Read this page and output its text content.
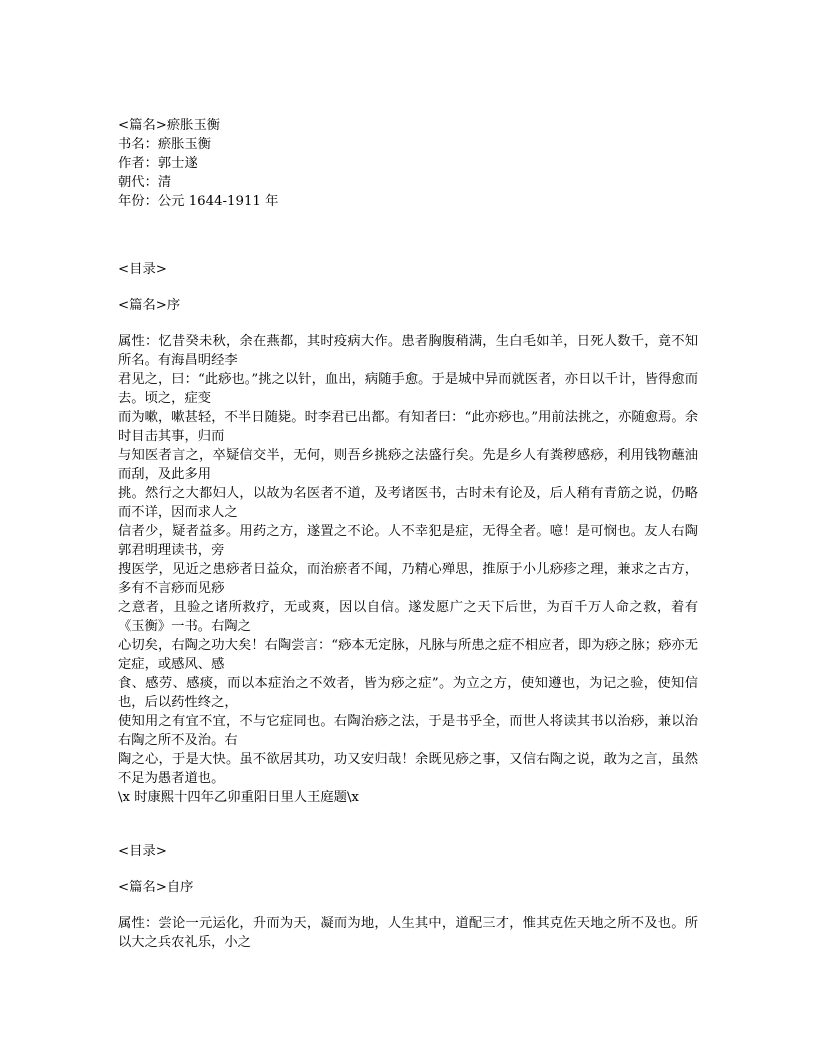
<篇名>瘀胀玉衡

书名：瘀胀玉衡

作者：郭士遂

朝代：清

年份：公元 1644-1911 年

<目录>

<篇名>序

属性：忆昔癸未秋，余在燕都，其时疫病大作。患者胸腹稍满，生白毛如羊，日死人数千，竟不知所名。有海昌明经李

君见之，曰：“此痧也。”挑之以针，血出，病随手愈。于是城中异而就医者，亦日以千计，皆得愈而去。顷之，症变

而为嗽，嗽甚轻，不半日随毙。时李君已出都。有知者曰：“此亦痧也。”用前法挑之，亦随愈焉。余时目击其事，归而

与知医者言之，卒疑信交半，无何，则吾乡挑痧之法盛行矣。先是乡人有粪秽感痧，利用钱物蘸油而刮，及此多用

挑。然行之大都妇人，以故为名医者不道，及考诸医书，古时未有论及，后人稍有青筋之说，仍略而不详，因而求人之

信者少，疑者益多。用药之方，遂置之不论。人不幸犯是症，无得全者。噫！是可悯也。友人右陶郭君明理读书，旁

搜医学，见近之患痧者日益众，而治瘀者不闻，乃精心殚思，推原于小儿痧疹之理，兼求之古方，多有不言痧而见痧

之意者，且验之诸所救疗，无或爽，因以自信。遂发愿广之天下后世，为百千万人命之救，着有《玉衡》一书。右陶之

心切矣，右陶之功大矣！右陶尝言：“痧本无定脉，凡脉与所患之症不相应者，即为痧之脉；痧亦无定症，或感风、感

食、感劳、感痰，而以本症治之不效者，皆为痧之症”。为立之方，使知遵也，为记之验，使知信也，后以药性终之，

使知用之有宜不宜，不与它症同也。右陶治痧之法，于是书乎全，而世人将读其书以治痧，兼以治右陶之所不及治。右

陶之心，于是大快。虽不欲居其功，功又安归哉！余既见痧之事，又信右陶之说，敢为之言，虽然不足为愚者道也。

\x 时康熙十四年乙卯重阳日里人王庭题\x

<目录>

<篇名>自序

属性：尝论一元运化，升而为天，凝而为地，人生其中，道配三才，惟其克佐天地之所不及也。所以大之兵农礼乐，小之
